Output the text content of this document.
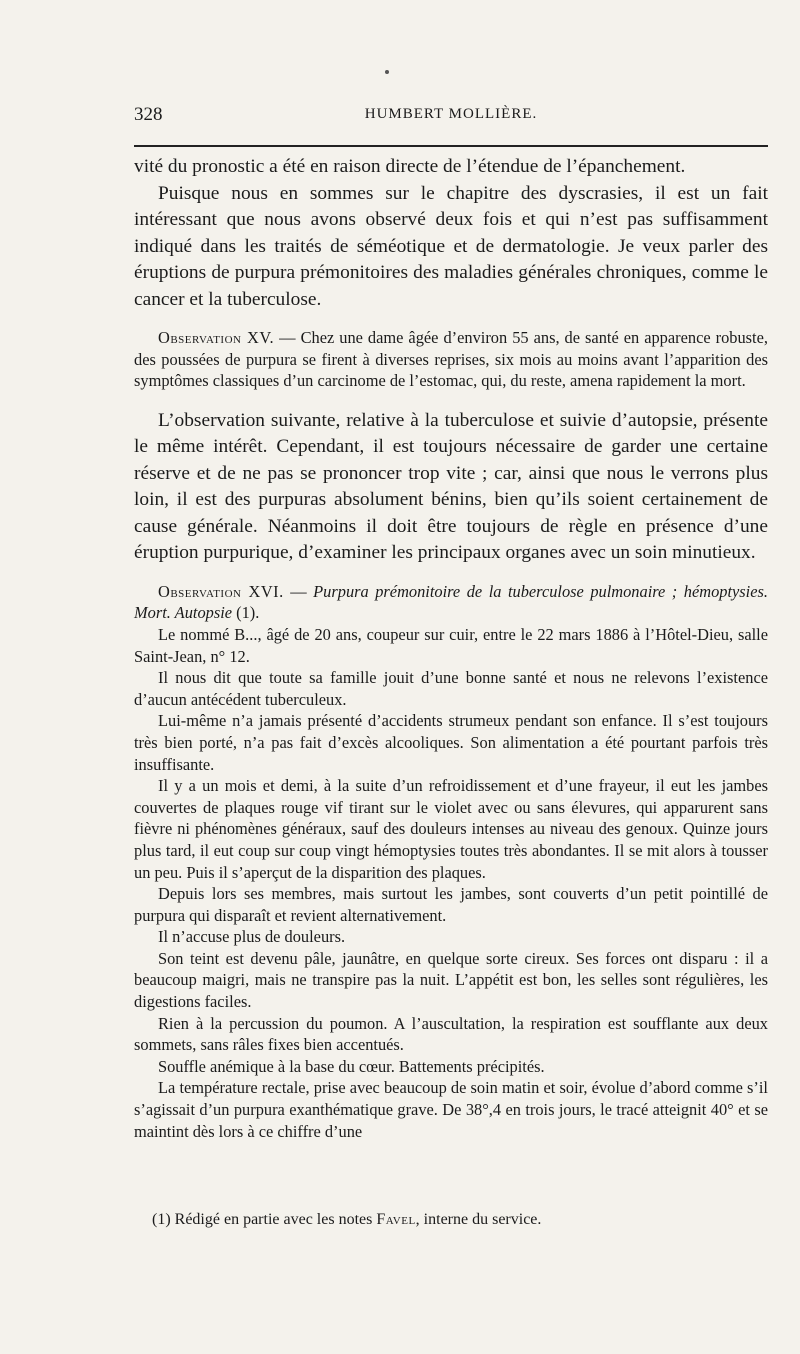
328	HUMBERT MOLLIÈRE.

vité du pronostic a été en raison directe de l’étendue de l’épanchement.

Puisque nous en sommes sur le chapitre des dyscrasies, il est un fait intéressant que nous avons observé deux fois et qui n’est pas suffisamment indiqué dans les traités de séméotique et de dermatologie. Je veux parler des éruptions de purpura prémonitoires des maladies générales chroniques, comme le cancer et la tuberculose.

Observation XV. — Chez une dame âgée d’environ 55 ans, de santé en apparence robuste, des poussées de purpura se firent à diverses reprises, six mois au moins avant l’apparition des symptômes classiques d’un carcinome de l’estomac, qui, du reste, amena rapidement la mort.

L’observation suivante, relative à la tuberculose et suivie d’autopsie, présente le même intérêt. Cependant, il est toujours nécessaire de garder une certaine réserve et de ne pas se prononcer trop vite ; car, ainsi que nous le verrons plus loin, il est des purpuras absolument bénins, bien qu’ils soient certainement de cause générale. Néanmoins il doit être toujours de règle en présence d’une éruption purpurique, d’examiner les principaux organes avec un soin minutieux.

Observation XVI. — Purpura prémonitoire de la tuberculose pulmonaire ; hémoptysies. Mort. Autopsie (1).

Le nommé B..., âgé de 20 ans, coupeur sur cuir, entre le 22 mars 1886 à l’Hôtel-Dieu, salle Saint-Jean, n° 12.

Il nous dit que toute sa famille jouit d’une bonne santé et nous ne relevons l’existence d’aucun antécédent tuberculeux.

Lui-même n’a jamais présenté d’accidents strumeux pendant son enfance. Il s’est toujours très bien porté, n’a pas fait d’excès alcooliques. Son alimentation a été pourtant parfois très insuffisante.

Il y a un mois et demi, à la suite d’un refroidissement et d’une frayeur, il eut les jambes couvertes de plaques rouge vif tirant sur le violet avec ou sans élevures, qui apparurent sans fièvre ni phénomènes généraux, sauf des douleurs intenses au niveau des genoux. Quinze jours plus tard, il eut coup sur coup vingt hémoptysies toutes très abondantes. Il se mit alors à tousser un peu. Puis il s’aperçut de la disparition des plaques.

Depuis lors ses membres, mais surtout les jambes, sont couverts d’un petit pointillé de purpura qui disparaît et revient alternativement.

Il n’accuse plus de douleurs.

Son teint est devenu pâle, jaunâtre, en quelque sorte cireux. Ses forces ont disparu : il a beaucoup maigri, mais ne transpire pas la nuit. L’appétit est bon, les selles sont régulières, les digestions faciles.

Rien à la percussion du poumon. A l’auscultation, la respiration est soufflante aux deux sommets, sans râles fixes bien accentués.

Souffle anémique à la base du cœur. Battements précipités.

La température rectale, prise avec beaucoup de soin matin et soir, évolue d’abord comme s’il s’agissait d’un purpura exanthématique grave. De 38°,4 en trois jours, le tracé atteignit 40° et se maintint dès lors à ce chiffre d’une

(1) Rédigé en partie avec les notes Favel, interne du service.
